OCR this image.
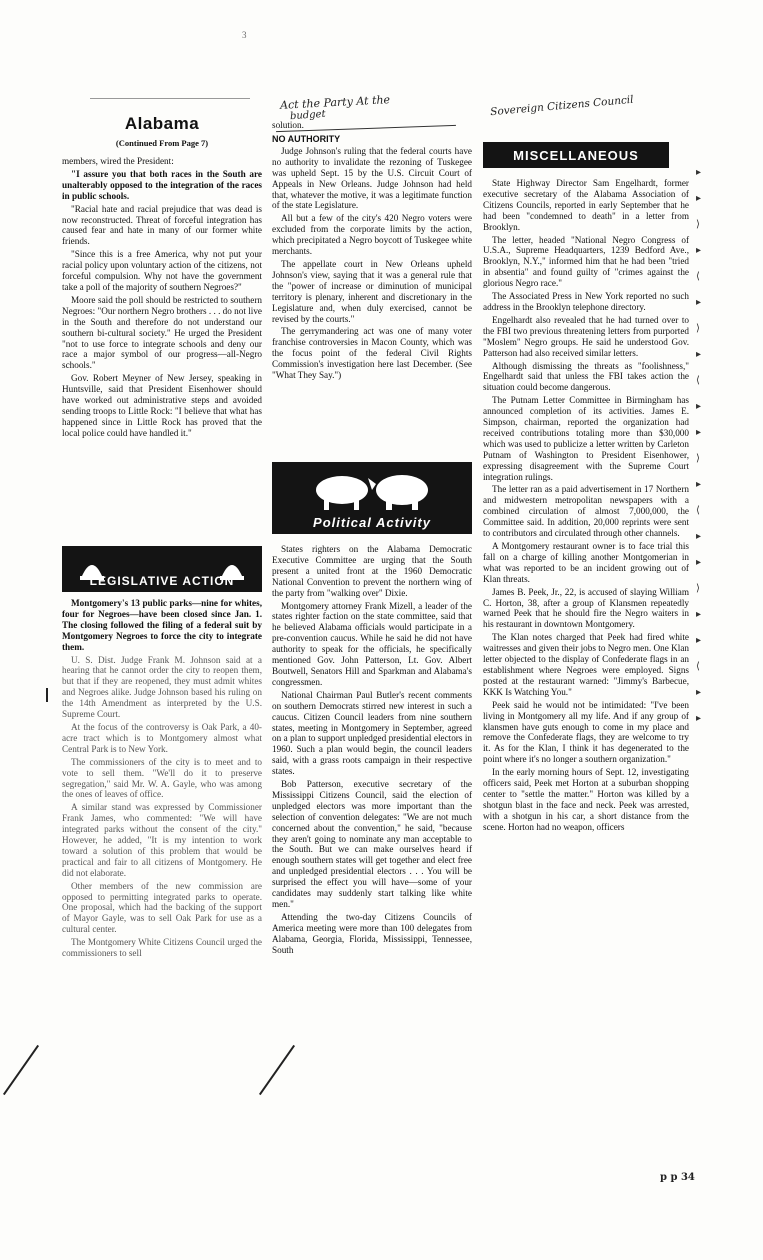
3
Act the Party At the
budget	Sovereign Citizens Council
Alabama
(Continued From Page 7)

members, wired the President:

"I assure you that both races in the South are unalterably opposed to the integration of the races in public schools.

"Racial hate and racial prejudice that was dead is now reconstructed. Threat of forceful integration has caused fear and hate in many of our former white friends.

"Since this is a free America, why not put your racial policy upon voluntary action of the citizens, not forceful compulsion. Why not have the government take a poll of the majority of southern Negroes?"

Moore said the poll should be restricted to southern Negroes: "Our northern Negro brothers . . . do not live in the South and therefore do not understand our southern bi-cultural society." He urged the President "not to use force to integrate schools and deny our race a major symbol of our progress—all-Negro schools."

Gov. Robert Meyner of New Jersey, speaking in Huntsville, said that President Eisenhower should have worked out administrative steps and avoided sending troops to Little Rock: "I believe that what has happened since in Little Rock has proved that the local police could have handled it."

LEGISLATIVE ACTION

Montgomery's 13 public parks—nine for whites, four for Negroes—have been closed since Jan. 1. The closing followed the filing of a federal suit by Montgomery Negroes to force the city to integrate them.

U. S. Dist. Judge Frank M. Johnson said at a hearing that he cannot order the city to reopen them, but that if they are reopened, they must admit whites and Negroes alike. Judge Johnson based his ruling on the 14th Amendment as interpreted by the U.S. Supreme Court.

At the focus of the controversy is Oak Park, a 40-acre tract which is to Montgomery almost what Central Park is to New York.

The commissioners of the city is to meet and to vote to sell them. "We'll do it to preserve segregation," said Mr. W. A. Gayle, who was among the ones of leaves of office.

A similar stand was expressed by Commissioner Frank James, who commented: "We will have integrated parks without the consent of the city." However, he added, "It is my intention to work toward a solution of this problem that would be practical and fair to all citizens of Montgomery. He did not elaborate.

Other members of the new commission are opposed to permitting integrated parks to operate. One proposal, which had the backing of the support of Mayor Gayle, was to sell Oak Park for use as a cultural center.

The Montgomery White Citizens Council urged the commissioners to sell

solution.

NO AUTHORITY

Judge Johnson's ruling that the federal courts have no authority to invalidate the rezoning of Tuskegee was upheld Sept. 15 by the U.S. Circuit Court of Appeals in New Orleans. Judge Johnson had held that, whatever the motive, it was a legitimate function of the state Legislature.

All but a few of the city's 420 Negro voters were excluded from the corporate limits by the action, which precipitated a Negro boycott of Tuskegee white merchants.

The appellate court in New Orleans upheld Johnson's view, saying that it was a general rule that the "power of increase or diminution of municipal territory is plenary, inherent and discretionary in the Legislature and, when duly exercised, cannot be revised by the courts."

The gerrymandering act was one of many voter franchise controversies in Macon County, which was the focus point of the federal Civil Rights Commission's investigation here last December. (See "What They Say.")

Political Activity

States righters on the Alabama Democratic Executive Committee are urging that the South present a united front at the 1960 Democratic National Convention to prevent the northern wing of the party from "walking over" Dixie.

Montgomery attorney Frank Mizell, a leader of the states righter faction on the state committee, said that he believed Alabama officials would participate in a pre-convention caucus. While he said he did not have authority to speak for the officials, he specifically mentioned Gov. John Patterson, Lt. Gov. Albert Boutwell, Senators Hill and Sparkman and Alabama's congressmen.

National Chairman Paul Butler's recent comments on southern Democrats stirred new interest in such a caucus. Citizen Council leaders from nine southern states, meeting in Montgomery in September, agreed on a plan to support unpledged presidential electors in 1960. Such a plan would begin, the council leaders said, with a grass roots campaign in their respective states.

Bob Patterson, executive secretary of the Mississippi Citizens Council, said the election of unpledged electors was more important than the selection of convention delegates: "We are not much concerned about the convention," he said, "because they aren't going to nominate any man acceptable to the South. But we can make ourselves heard if enough southern states will get together and elect free and unpledged presidential electors . . . You will be surprised the effect you will have—some of your candidates may suddenly start talking like white men."

Attending the two-day Citizens Councils of America meeting were more than 100 delegates from Alabama, Georgia, Florida, Mississippi, Tennessee, South

MISCELLANEOUS

State Highway Director Sam Engelhardt, former executive secretary of the Alabama Association of Citizens Councils, reported in early September that he had been "condemned to death" in a letter from Brooklyn.

The letter, headed "National Negro Congress of U.S.A., Supreme Headquarters, 1239 Bedford Ave., Brooklyn, N.Y.," informed him that he had been "tried in absentia" and found guilty of "crimes against the glorious Negro race."

The Associated Press in New York reported no such address in the Brooklyn telephone directory.

Engelhardt also revealed that he had turned over to the FBI two previous threatening letters from purported "Moslem" Negro groups. He said he understood Gov. Patterson had also received similar letters.

Although dismissing the threats as "foolishness," Engelhardt said that unless the FBI takes action the situation could become dangerous.

The Putnam Letter Committee in Birmingham has announced completion of its activities. James E. Simpson, chairman, reported the organization had received contributions totaling more than $30,000 which was used to publicize a letter written by Carleton Putnam of Washington to President Eisenhower, expressing disagreement with the Supreme Court integration rulings.

The letter ran as a paid advertisement in 17 Northern and midwestern metropolitan newspapers with a combined circulation of almost 7,000,000, the Committee said. In addition, 20,000 reprints were sent to contributors and circulated through other channels.

A Montgomery restaurant owner is to face trial this fall on a charge of killing another Montgomerian in what was reported to be an incident growing out of Klan threats.

James B. Peek, Jr., 22, is accused of slaying William C. Horton, 38, after a group of Klansmen repeatedly warned Peek that he should fire the Negro waiters in his restaurant in downtown Montgomery.

The Klan notes charged that Peek had fired white waitresses and given their jobs to Negro men. One Klan letter objected to the display of Confederate flags in an establishment where Negroes were employed. Signs posted at the restaurant warned: "Jimmy's Barbecue, KKK Is Watching You."

Peek said he would not be intimidated: "I've been living in Montgomery all my life. And if any group of klansmen have guts enough to come in my place and remove the Confederate flags, they are welcome to try it. As for the Klan, I think it has degenerated to the point where it's no longer a southern organization."

In the early morning hours of Sept. 12, investigating officers said, Peek met Horton at a suburban shopping center to "settle the matter." Horton was killed by a shotgun blast in the face and neck. Peek was arrested, with a shotgun in his car, a short distance from the scene. Horton had no weapon, officers

▸
▸
⟩
▸
⟨
▸
⟩
▸
⟨
▸
▸
⟩
▸
⟨
▸
▸
⟩
▸
▸
⟨
▸
▸
p p 34
